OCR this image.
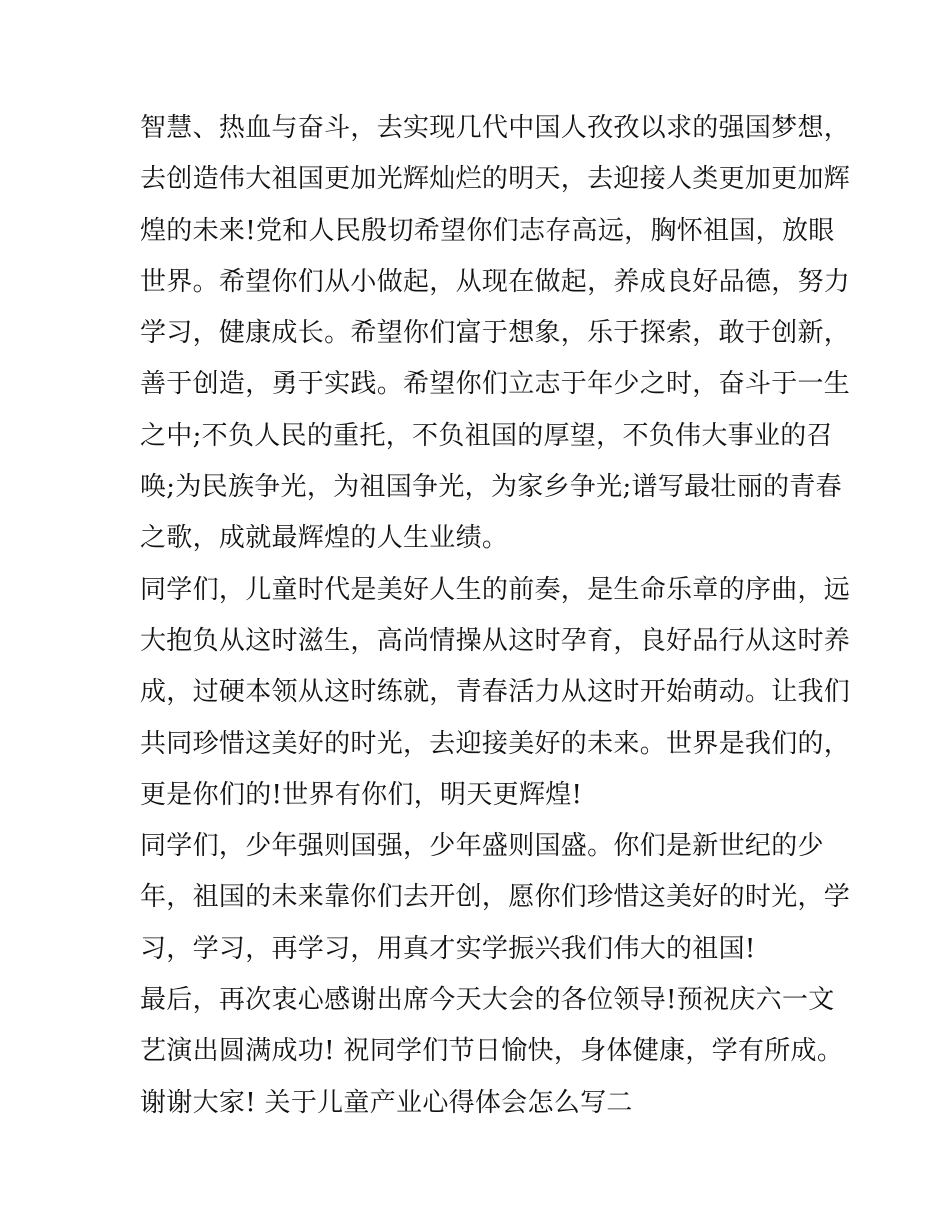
智慧、热血与奋斗，去实现几代中国人孜孜以求的强国梦想，
去创造伟大祖国更加光辉灿烂的明天，去迎接人类更加更加辉
煌的未来!党和人民殷切希望你们志存高远，胸怀祖国，放眼
世界。希望你们从小做起，从现在做起，养成良好品德，努力
学习，健康成长。希望你们富于想象，乐于探索，敢于创新，
善于创造，勇于实践。希望你们立志于年少之时，奋斗于一生
之中;不负人民的重托，不负祖国的厚望，不负伟大事业的召
唤;为民族争光，为祖国争光，为家乡争光;谱写最壮丽的青春
之歌，成就最辉煌的人生业绩。
同学们，儿童时代是美好人生的前奏，是生命乐章的序曲，远
大抱负从这时滋生，高尚情操从这时孕育，良好品行从这时养
成，过硬本领从这时练就，青春活力从这时开始萌动。让我们
共同珍惜这美好的时光，去迎接美好的未来。世界是我们的，
更是你们的!世界有你们，明天更辉煌!
同学们，少年强则国强，少年盛则国盛。你们是新世纪的少
年，祖国的未来靠你们去开创，愿你们珍惜这美好的时光，学
习，学习，再学习，用真才实学振兴我们伟大的祖国!
最后，再次衷心感谢出席今天大会的各位领导!预祝庆六一文
艺演出圆满成功! 祝同学们节日愉快，身体健康，学有所成。
谢谢大家! 关于儿童产业心得体会怎么写二
